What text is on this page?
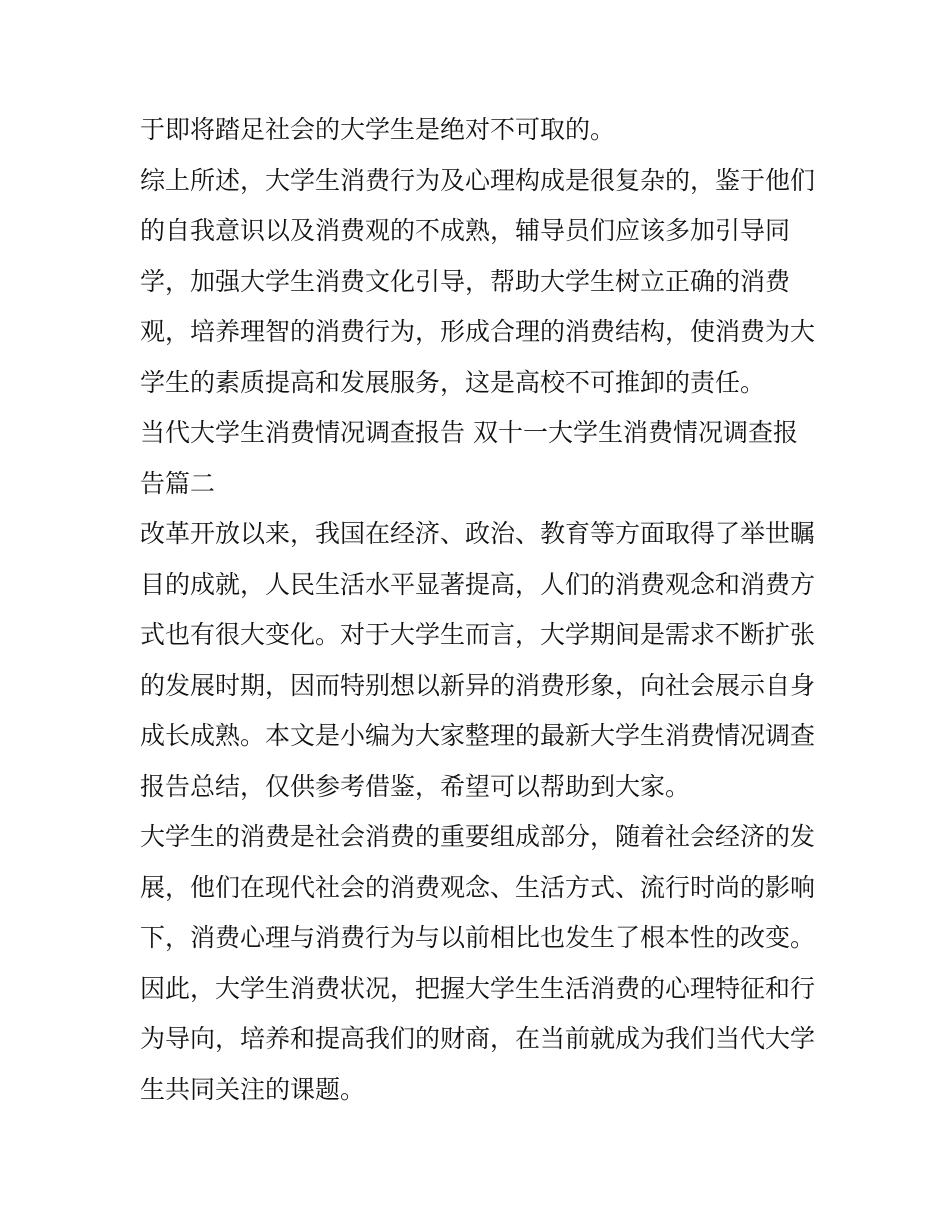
于即将踏足社会的大学生是绝对不可取的。
综上所述，大学生消费行为及心理构成是很复杂的，鉴于他们
的自我意识以及消费观的不成熟，辅导员们应该多加引导同
学，加强大学生消费文化引导，帮助大学生树立正确的消费
观，培养理智的消费行为，形成合理的消费结构，使消费为大
学生的素质提高和发展服务，这是高校不可推卸的责任。
当代大学生消费情况调查报告 双十一大学生消费情况调查报
告篇二
改革开放以来，我国在经济、政治、教育等方面取得了举世瞩
目的成就，人民生活水平显著提高，人们的消费观念和消费方
式也有很大变化。对于大学生而言，大学期间是需求不断扩张
的发展时期，因而特别想以新异的消费形象，向社会展示自身
成长成熟。本文是小编为大家整理的最新大学生消费情况调查
报告总结，仅供参考借鉴，希望可以帮助到大家。
大学生的消费是社会消费的重要组成部分，随着社会经济的发
展，他们在现代社会的消费观念、生活方式、流行时尚的影响
下，消费心理与消费行为与以前相比也发生了根本性的改变。
因此，大学生消费状况，把握大学生生活消费的心理特征和行
为导向，培养和提高我们的财商，在当前就成为我们当代大学
生共同关注的课题。
